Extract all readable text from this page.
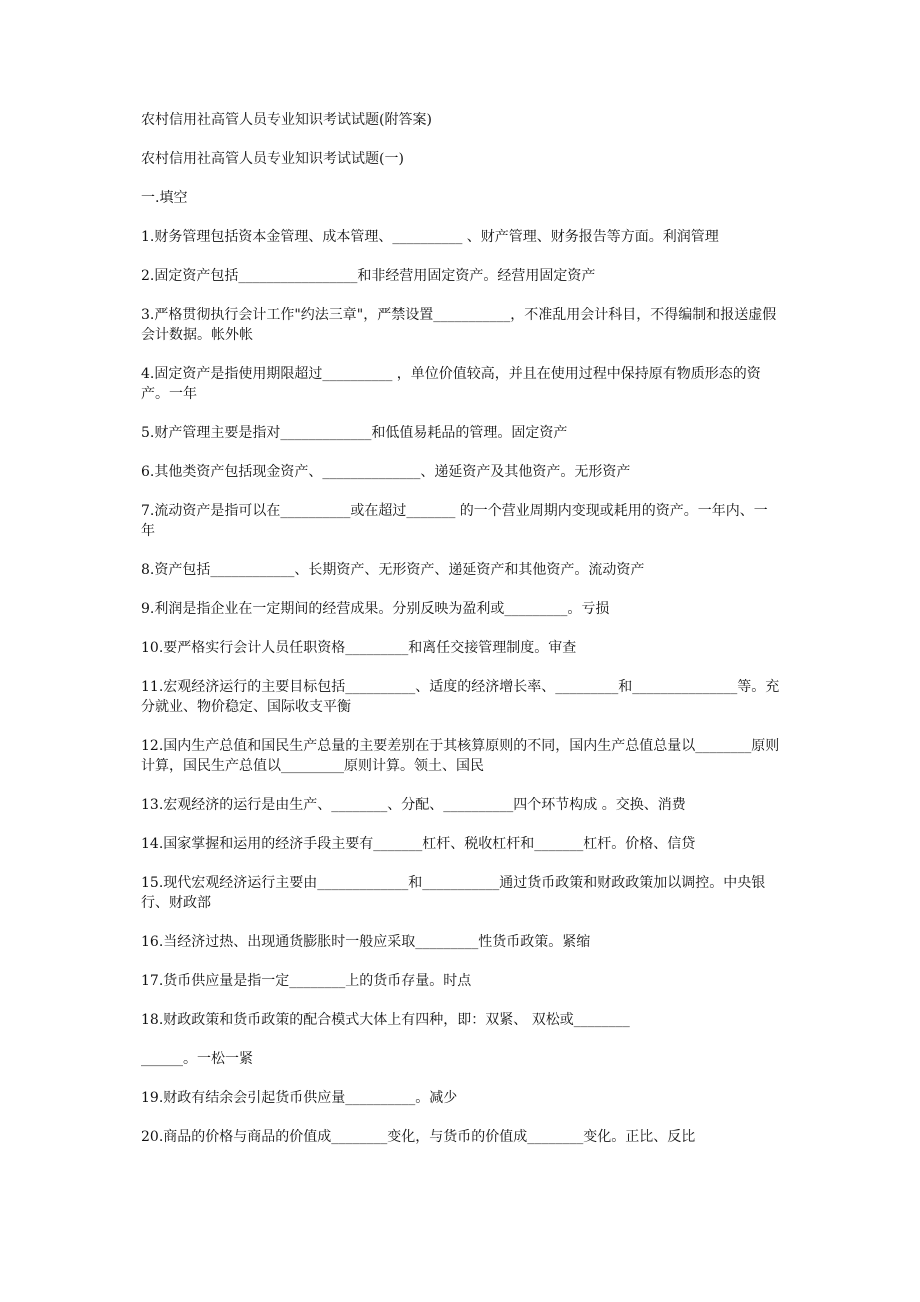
农村信用社高管人员专业知识考试试题(附答案)

农村信用社高管人员专业知识考试试题(一)

一.填空

1.财务管理包括资本金管理、成本管理、__________ 、财产管理、财务报告等方面。利润管理

2.固定资产包括_________________和非经营用固定资产。经营用固定资产

3.严格贯彻执行会计工作"约法三章"，严禁设置___________，不准乱用会计科目，不得编制和报送虚假会计数据。帐外帐

4.固定资产是指使用期限超过__________ ，单位价值较高，并且在使用过程中保持原有物质形态的资产。一年

5.财产管理主要是指对_____________和低值易耗品的管理。固定资产

6.其他类资产包括现金资产、______________、递延资产及其他资产。无形资产

7.流动资产是指可以在__________或在超过_______ 的一个营业周期内变现或耗用的资产。一年内、一年

8.资产包括____________、长期资产、无形资产、递延资产和其他资产。流动资产

9.利润是指企业在一定期间的经营成果。分别反映为盈利或_________。亏损

10.要严格实行会计人员任职资格_________和离任交接管理制度。审查

11.宏观经济运行的主要目标包括__________、适度的经济增长率、_________和_______________等。充分就业、物价稳定、国际收支平衡

12.国内生产总值和国民生产总量的主要差别在于其核算原则的不同，国内生产总值总量以________原则计算，国民生产总值以_________原则计算。领土、国民

13.宏观经济的运行是由生产、________、分配、__________四个环节构成 。交换、消费

14.国家掌握和运用的经济手段主要有_______杠杆、税收杠杆和_______杠杆。价格、信贷

15.现代宏观经济运行主要由_____________和___________通过货币政策和财政政策加以调控。中央银行、财政部

16.当经济过热、出现通货膨胀时一般应采取_________性货币政策。紧缩

17.货币供应量是指一定________上的货币存量。时点

18.财政政策和货币政策的配合模式大体上有四种，即：双紧、 双松或________

______。一松一紧

19.财政有结余会引起货币供应量__________。减少

20.商品的价格与商品的价值成________变化，与货币的价值成________变化。正比、反比
